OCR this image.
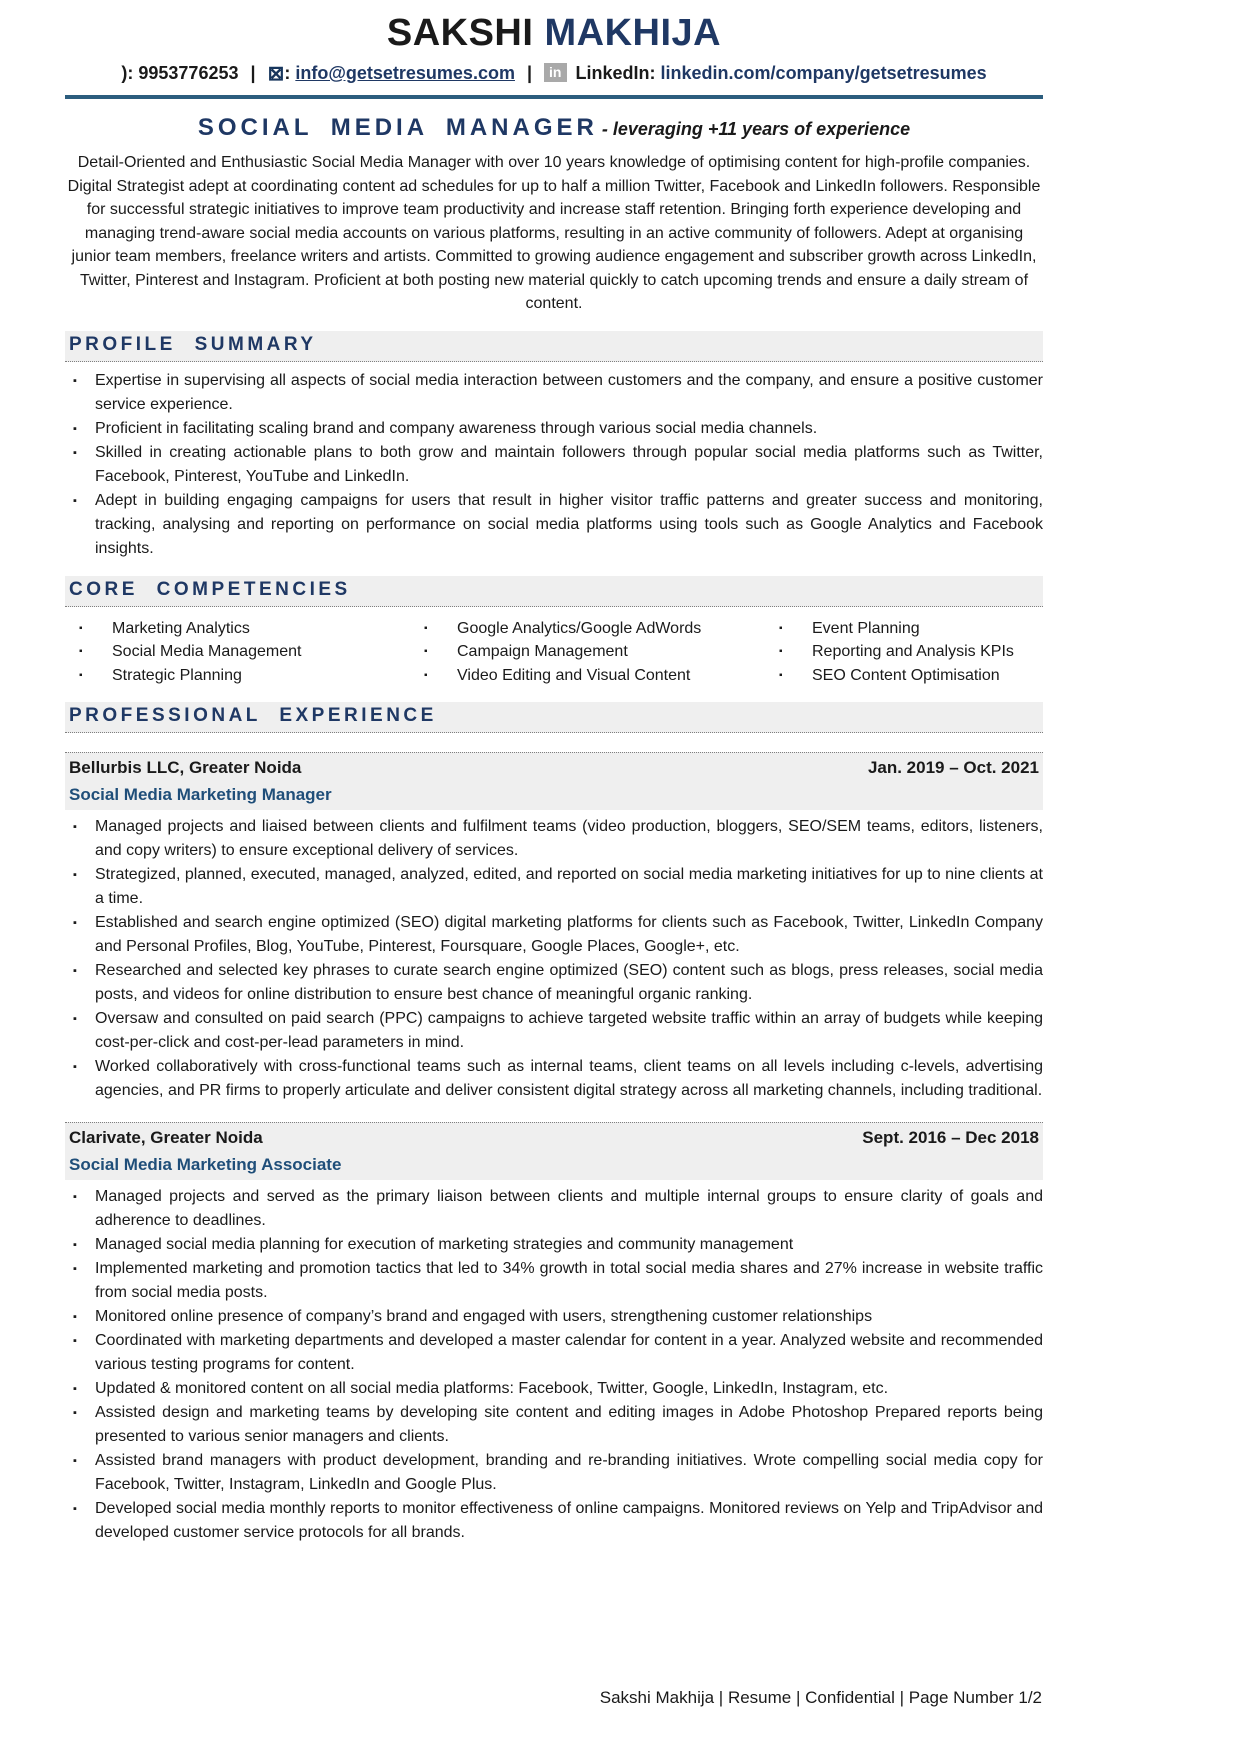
SAKSHI MAKHIJA
): 9953776253 | ⊠: info@getsetresumes.com | in LinkedIn: linkedin.com/company/getsetresumes
SOCIAL MEDIA MANAGER - leveraging +11 years of experience

Detail-Oriented and Enthusiastic Social Media Manager with over 10 years knowledge of optimising content for high-profile companies. Digital Strategist adept at coordinating content ad schedules for up to half a million Twitter, Facebook and LinkedIn followers. Responsible for successful strategic initiatives to improve team productivity and increase staff retention. Bringing forth experience developing and managing trend-aware social media accounts on various platforms, resulting in an active community of followers. Adept at organising junior team members, freelance writers and artists. Committed to growing audience engagement and subscriber growth across LinkedIn, Twitter, Pinterest and Instagram. Proficient at both posting new material quickly to catch upcoming trends and ensure a daily stream of content.

PROFILE SUMMARY
▪ Expertise in supervising all aspects of social media interaction between customers and the company, and ensure a positive customer service experience.
▪ Proficient in facilitating scaling brand and company awareness through various social media channels.
▪ Skilled in creating actionable plans to both grow and maintain followers through popular social media platforms such as Twitter, Facebook, Pinterest, YouTube and LinkedIn.
▪ Adept in building engaging campaigns for users that result in higher visitor traffic patterns and greater success and monitoring, tracking, analysing and reporting on performance on social media platforms using tools such as Google Analytics and Facebook insights.
CORE COMPETENCIES
▪ Marketing Analytics
▪ Social Media Management
▪ Strategic Planning
▪ Google Analytics/Google AdWords
▪ Campaign Management
▪ Video Editing and Visual Content
▪ Event Planning
▪ Reporting and Analysis KPIs
▪ SEO Content Optimisation
PROFESSIONAL EXPERIENCE
Bellurbis LLC, Greater Noida	Jan. 2019 – Oct. 2021
Social Media Marketing Manager
▪ Managed projects and liaised between clients and fulfilment teams (video production, bloggers, SEO/SEM teams, editors, listeners, and copy writers) to ensure exceptional delivery of services.
▪ Strategized, planned, executed, managed, analyzed, edited, and reported on social media marketing initiatives for up to nine clients at a time.
▪ Established and search engine optimized (SEO) digital marketing platforms for clients such as Facebook, Twitter, LinkedIn Company and Personal Profiles, Blog, YouTube, Pinterest, Foursquare, Google Places, Google+, etc.
▪ Researched and selected key phrases to curate search engine optimized (SEO) content such as blogs, press releases, social media posts, and videos for online distribution to ensure best chance of meaningful organic ranking.
▪ Oversaw and consulted on paid search (PPC) campaigns to achieve targeted website traffic within an array of budgets while keeping cost-per-click and cost-per-lead parameters in mind.
▪ Worked collaboratively with cross-functional teams such as internal teams, client teams on all levels including c-levels, advertising agencies, and PR firms to properly articulate and deliver consistent digital strategy across all marketing channels, including traditional.
Clarivate, Greater Noida	Sept. 2016 – Dec 2018
Social Media Marketing Associate
▪ Managed projects and served as the primary liaison between clients and multiple internal groups to ensure clarity of goals and adherence to deadlines.
▪ Managed social media planning for execution of marketing strategies and community management
▪ Implemented marketing and promotion tactics that led to 34% growth in total social media shares and 27% increase in website traffic from social media posts.
▪ Monitored online presence of company’s brand and engaged with users, strengthening customer relationships
▪ Coordinated with marketing departments and developed a master calendar for content in a year. Analyzed website and recommended various testing programs for content.
▪ Updated & monitored content on all social media platforms: Facebook, Twitter, Google, LinkedIn, Instagram, etc.
▪ Assisted design and marketing teams by developing site content and editing images in Adobe Photoshop Prepared reports being presented to various senior managers and clients.
▪ Assisted brand managers with product development, branding and re-branding initiatives. Wrote compelling social media copy for Facebook, Twitter, Instagram, LinkedIn and Google Plus.
▪ Developed social media monthly reports to monitor effectiveness of online campaigns. Monitored reviews on Yelp and TripAdvisor and developed customer service protocols for all brands.
Sakshi Makhija | Resume | Confidential | Page Number 1/2
